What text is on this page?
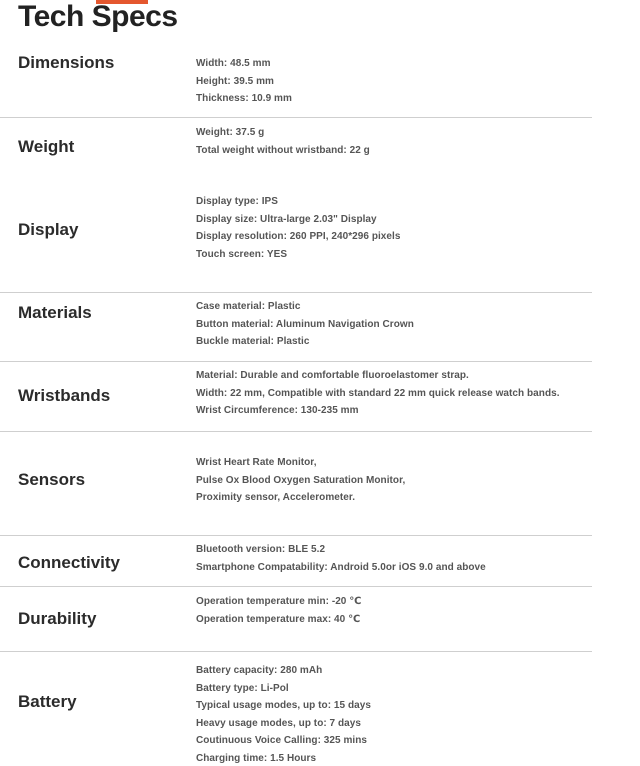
Tech Specs
Dimensions	Width: 48.5 mm
Height: 39.5 mm
Thickness: 10.9 mm
Weight
Weight: 37.5 g
Total weight without wristband: 22 g
Display
Display type: IPS
Display size: Ultra-large 2.03" Display
Display resolution: 260 PPI, 240*296 pixels
Touch screen: YES
Materials	Case material: Plastic
Button material: Aluminum Navigation Crown
Buckle material: Plastic
Wristbands
Material: Durable and comfortable fluoroelastomer strap.
Width: 22 mm, Compatible with standard 22 mm quick release watch bands.
Wrist Circumference: 130-235 mm
Sensors
Wrist Heart Rate Monitor,
Pulse Ox Blood Oxygen Saturation Monitor,
Proximity sensor, Accelerometer.
Connectivity
Bluetooth version: BLE 5.2
Smartphone Compatability: Android 5.0or iOS 9.0 and above
Durability
Operation temperature min: -20 ℃
Operation temperature max: 40 ℃
Battery
Battery capacity: 280 mAh
Battery type: Li-Pol
Typical usage modes, up to: 15 days
Heavy usage modes, up to: 7 days
Coutinuous Voice Calling: 325 mins
Charging time: 1.5 Hours
